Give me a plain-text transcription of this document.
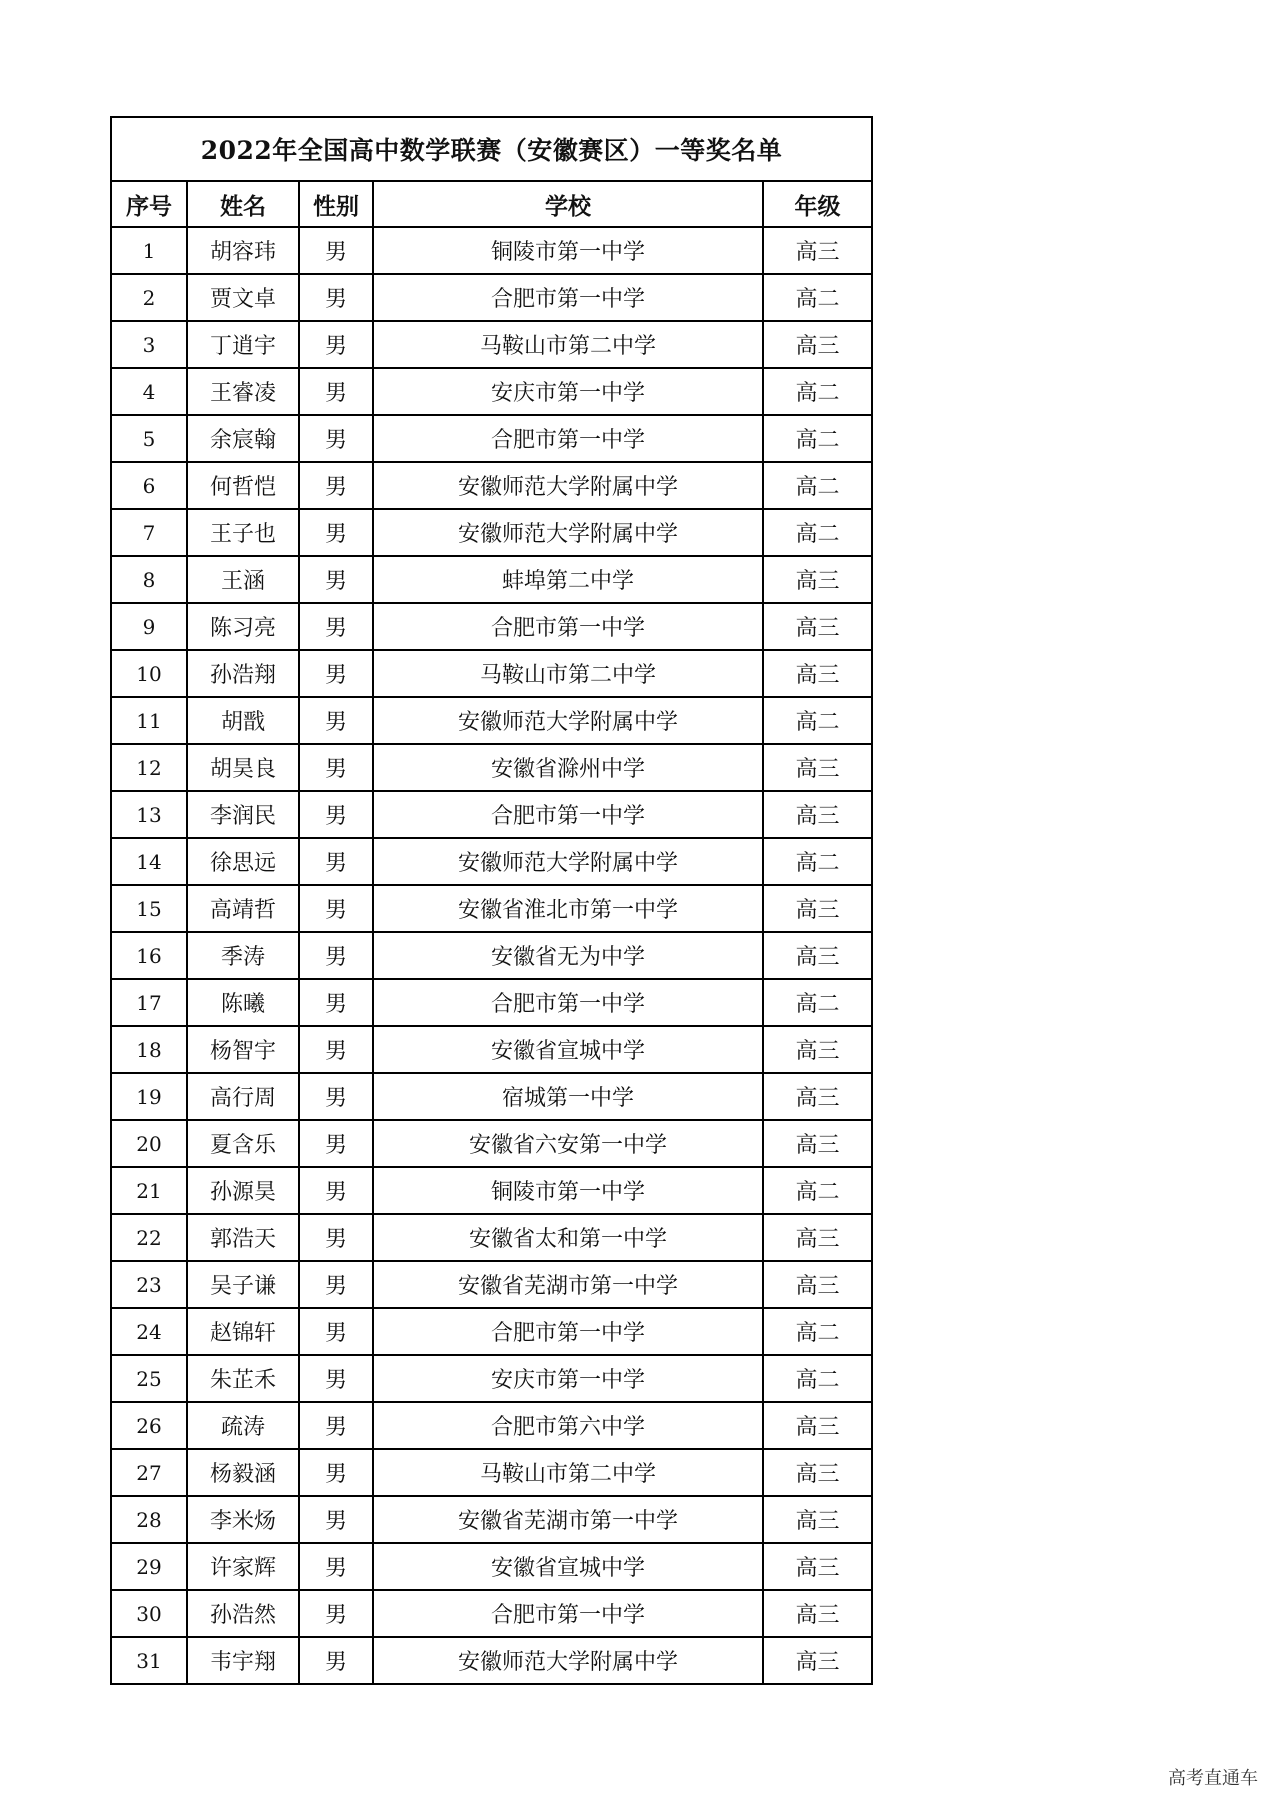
2022年全国高中数学联赛（安徽赛区）一等奖名单
序号	姓名	性别	学校	年级
1	胡容玮	男	铜陵市第一中学	高三
2	贾文卓	男	合肥市第一中学	高二
3	丁逍宇	男	马鞍山市第二中学	高三
4	王睿凌	男	安庆市第一中学	高二
5	余宸翰	男	合肥市第一中学	高二
6	何哲恺	男	安徽师范大学附属中学	高二
7	王子也	男	安徽师范大学附属中学	高二
8	王涵	男	蚌埠第二中学	高三
9	陈习亮	男	合肥市第一中学	高三
10	孙浩翔	男	马鞍山市第二中学	高三
11	胡戬	男	安徽师范大学附属中学	高二
12	胡昊良	男	安徽省滁州中学	高三
13	李润民	男	合肥市第一中学	高三
14	徐思远	男	安徽师范大学附属中学	高二
15	高靖哲	男	安徽省淮北市第一中学	高三
16	季涛	男	安徽省无为中学	高三
17	陈曦	男	合肥市第一中学	高二
18	杨智宇	男	安徽省宣城中学	高三
19	高行周	男	宿城第一中学	高三
20	夏含乐	男	安徽省六安第一中学	高三
21	孙源昊	男	铜陵市第一中学	高二
22	郭浩天	男	安徽省太和第一中学	高三
23	吴子谦	男	安徽省芜湖市第一中学	高三
24	赵锦轩	男	合肥市第一中学	高二
25	朱芷禾	男	安庆市第一中学	高二
26	疏涛	男	合肥市第六中学	高三
27	杨毅涵	男	马鞍山市第二中学	高三
28	李米炀	男	安徽省芜湖市第一中学	高三
29	许家辉	男	安徽省宣城中学	高三
30	孙浩然	男	合肥市第一中学	高三
31	韦宇翔	男	安徽师范大学附属中学	高三
高考直通车
